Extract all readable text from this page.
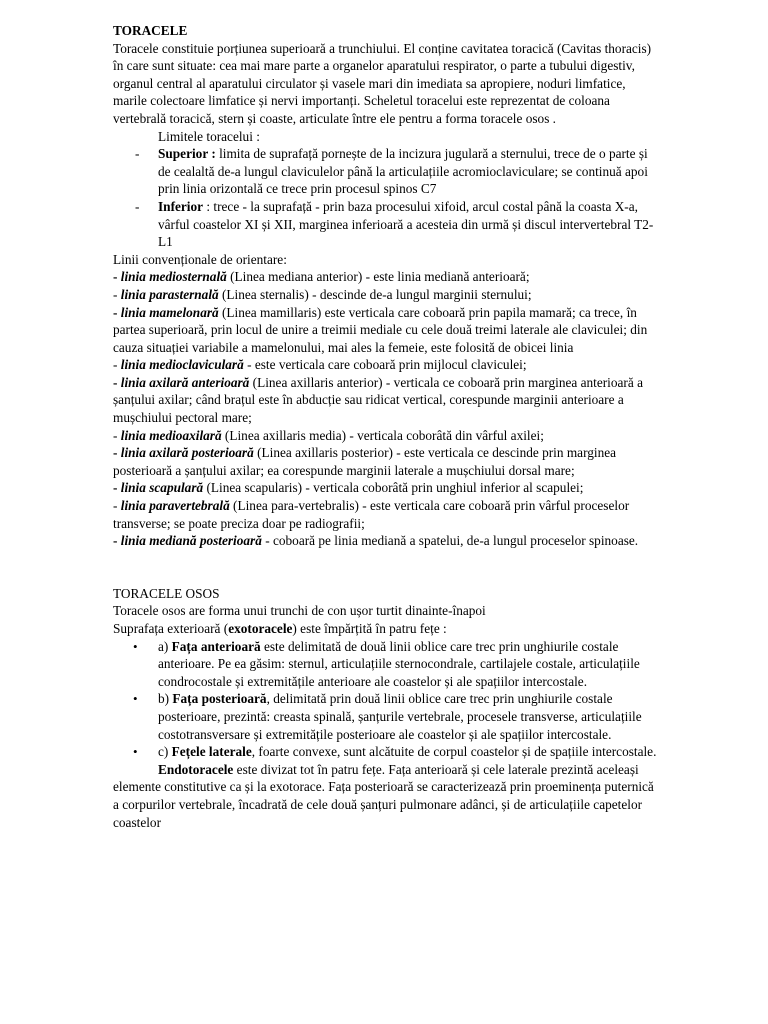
TORACELE

Toracele constituie porțiunea superioară a trunchiului. El conține cavitatea toracică (Cavitas thoracis) în care sunt situate: cea mai mare parte a organelor aparatului respirator, o parte a tubului digestiv, organul central al aparatului circulator și vasele mari din imediata sa apropiere, noduri limfatice, marile colectoare limfatice și nervi importanți. Scheletul toracelui este reprezentat de coloana vertebrală toracică, stern și coaste, articulate între ele pentru a forma toracele osos .

Limitele toracelui :

- Superior : limita de suprafață pornește de la incizura jugulară a sternului, trece de o parte și de cealaltă de-a lungul claviculelor până la articulațiile acromioclaviculare; se continuă apoi prin linia orizontală ce trece prin procesul spinos C7
- Inferior : trece - la suprafață - prin baza procesului xifoid, arcul costal până la coasta X-a, vârful coastelor XI și XII, marginea inferioară a acesteia din urmă și discul intervertebral T2-L1

Linii convenționale de orientare:

- linia mediosternală (Linea mediana anterior) - este linia mediană anterioară;

- linia parasternală (Linea sternalis) - descinde de-a lungul marginii sternului;

- linia mamelonară (Linea mamillaris) este verticala care coboară prin papila mamară; ca trece, în partea superioară, prin locul de unire a treimii mediale cu cele două treimi laterale ale claviculei; din cauza situației variabile a mamelonului, mai ales la femeie, este folosită de obicei linia

- linia medioclaviculară - este verticala care coboară prin mijlocul claviculei;

- linia axilară anterioară (Linea axillaris anterior) - verticala ce coboară prin marginea anterioară a șanțului axilar; când brațul este în abducție sau ridicat vertical, corespunde marginii anterioare a mușchiului pectoral mare;

- linia medioaxilară (Linea axillaris media) - verticala coborâtă din vârful axilei;

- linia axilară posterioară (Linea axillaris posterior) - este verticala ce descinde prin marginea posterioară a șanțului axilar; ea corespunde marginii laterale a mușchiului dorsal mare;

- linia scapulară (Linea scapularis) - verticala coborâtă prin unghiul inferior al scapulei;

- linia paravertebrală (Linea para-vertebralis) - este verticala care coboară prin vârful proceselor transverse; se poate preciza doar pe radiografii;

- linia mediană posterioară - coboară pe linia mediană a spatelui, de-a lungul proceselor spinoase.

TORACELE OSOS

Toracele osos are forma unui trunchi de con ușor turtit dinainte-înapoi

Suprafața exterioară (exotoracele) este împărțită în patru fețe :

• a) Fața anterioară este delimitată de două linii oblice care trec prin unghiurile costale anterioare. Pe ea găsim: sternul, articulațiile sternocondrale, cartilajele costale, articulațiile condrocostale și extremitățile anterioare ale coastelor și ale spațiilor intercostale.
• b) Fața posterioară, delimitată prin două linii oblice care trec prin unghiurile costale posterioare, prezintă: creasta spinală, șanțurile vertebrale, procesele transverse, articulațiile costotransversare și extremitățile posterioare ale coastelor și ale spațiilor intercostale.
• c) Fețele laterale, foarte convexe, sunt alcătuite de corpul coastelor și de spațiile intercostale.

Endotoracele este divizat tot în patru fețe. Fața anterioară și cele laterale prezintă aceleași elemente constitutive ca și la exotorace. Fața posterioară se caracterizează prin proeminența puternică a corpurilor vertebrale, încadrată de cele două șanțuri pulmonare adânci, și de articulațiile capetelor coastelor
